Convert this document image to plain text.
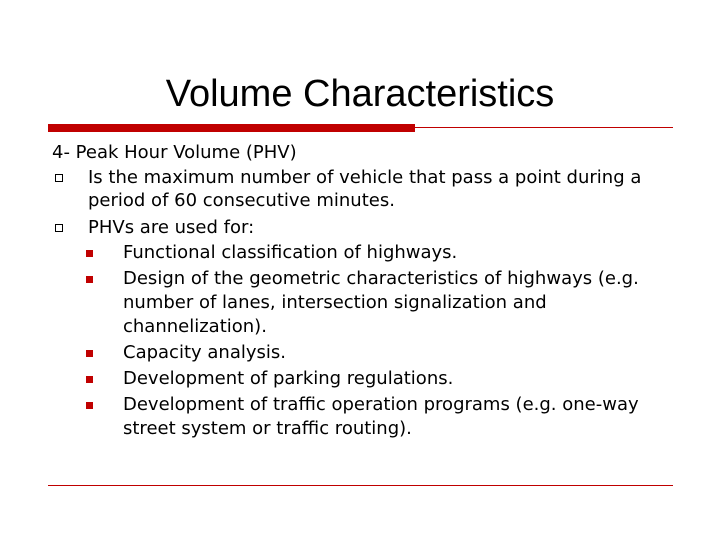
Volume Characteristics
4- Peak Hour Volume (PHV)
Is the maximum number of vehicle that pass a point during a period of 60 consecutive minutes.
PHVs are used for:
Functional classification of highways.
Design of the geometric characteristics of highways (e.g. number of lanes, intersection signalization and channelization).
Capacity analysis.
Development of parking regulations.
Development of traffic operation programs (e.g. one-way street system or traffic routing).
